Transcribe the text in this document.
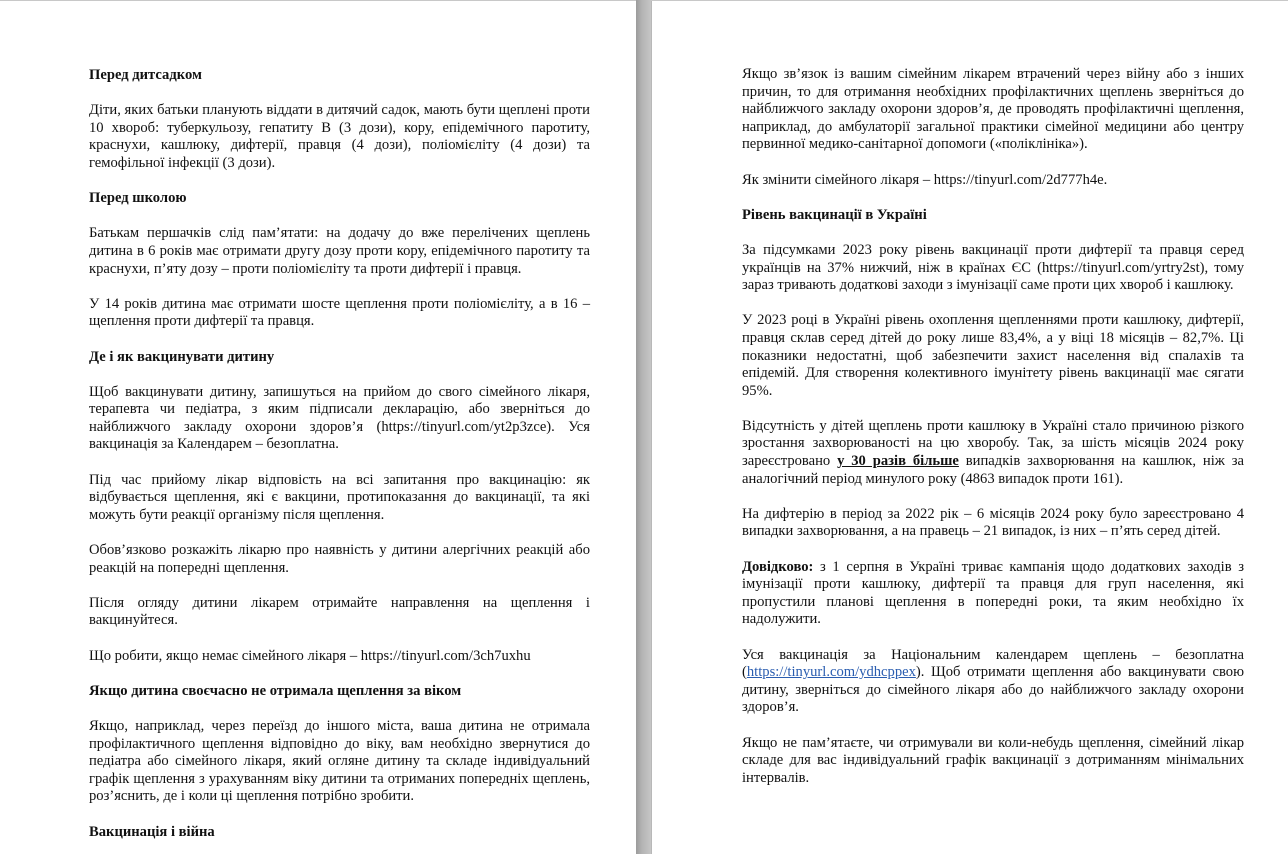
Перед дитсадком

Діти, яких батьки планують віддати в дитячий садок, мають бути щеплені проти 10 хвороб: туберкульозу, гепатиту В (3 дози), кору, епідемічного паротиту, краснухи, кашлюку, дифтерії, правця (4 дози), поліомієліту (4 дози) та гемофільної інфекції (3 дози).

Перед школою

Батькам першачків слід пам’ятати: на додачу до вже перелічених щеплень дитина в 6 років має отримати другу дозу проти кору, епідемічного паротиту та краснухи, п’яту дозу – проти поліомієліту та проти дифтерії і правця.

У 14 років дитина має отримати шосте щеплення проти поліомієліту, а в 16 – щеплення проти дифтерії та правця.

Де і як вакцинувати дитину

Щоб вакцинувати дитину, запишуться на прийом до свого сімейного лікаря, терапевта чи педіатра, з яким підписали декларацію, або зверніться до найближчого закладу охорони здоров’я (https://tinyurl.com/yt2p3zce). Уся вакцинація за Календарем – безоплатна.

Під час прийому лікар відповість на всі запитання про вакцинацію: як відбувається щеплення, які є вакцини, протипоказання до вакцинації, та які можуть бути реакції організму після щеплення.

Обов’язково розкажіть лікарю про наявність у дитини алергічних реакцій або реакцій на попередні щеплення.

Після огляду дитини лікарем отримайте направлення на щеплення і вакцинуйтеся.

Що робити, якщо немає сімейного лікаря – https://tinyurl.com/3ch7uxhu

Якщо дитина своєчасно не отримала щеплення за віком

Якщо, наприклад, через переїзд до іншого міста, ваша дитина не отримала профілактичного щеплення відповідно до віку, вам необхідно звернутися до педіатра або сімейного лікаря, який огляне дитину та складе індивідуальний графік щеплення з урахуванням віку дитини та отриманих попередніх щеплень, роз’яснить, де і коли ці щеплення потрібно зробити.

Вакцинація і війна

Якщо зв’язок із вашим сімейним лікарем втрачений через війну або з інших причин, то для отримання необхідних профілактичних щеплень зверніться до найближчого закладу охорони здоров’я, де проводять профілактичні щеплення, наприклад, до амбулаторії загальної практики сімейної медицини або центру первинної медико-санітарної допомоги («поліклініка»).

Як змінити сімейного лікаря – https://tinyurl.com/2d777h4e.

Рівень вакцинації в Україні

За підсумками 2023 року рівень вакцинації проти дифтерії та правця серед українців на 37% нижчий, ніж в країнах ЄС (https://tinyurl.com/yrtry2st), тому зараз тривають додаткові заходи з імунізації саме проти цих хвороб і кашлюку.

У 2023 році в Україні рівень охоплення щепленнями проти кашлюку, дифтерії, правця склав серед дітей до року лише 83,4%, а у віці 18 місяців – 82,7%. Ці показники недостатні, щоб забезпечити захист населення від спалахів та епідемій. Для створення колективного імунітету рівень вакцинації має сягати 95%.

Відсутність у дітей щеплень проти кашлюку в Україні стало причиною різкого зростання захворюваності на цю хворобу. Так, за шість місяців 2024 року зареєстровано у 30 разів більше випадків захворювання на кашлюк, ніж за аналогічний період минулого року (4863 випадок проти 161).

На дифтерію в період за 2022 рік – 6 місяців 2024 року було зареєстровано 4 випадки захворювання, а на правець – 21 випадок, із них – п’ять серед дітей.

Довідково: з 1 серпня в Україні триває кампанія щодо додаткових заходів з імунізації проти кашлюку, дифтерії та правця для груп населення, які пропустили планові щеплення в попередні роки, та яким необхідно їх надолужити.

Уся вакцинація за Національним календарем щеплень – безоплатна (https://tinyurl.com/ydhcppex). Щоб отримати щеплення або вакцинувати свою дитину, зверніться до сімейного лікаря або до найближчого закладу охорони здоров’я.

Якщо не пам’ятаєте, чи отримували ви коли-небудь щеплення, сімейний лікар складе для вас індивідуальний графік вакцинації з дотриманням мінімальних інтервалів.
